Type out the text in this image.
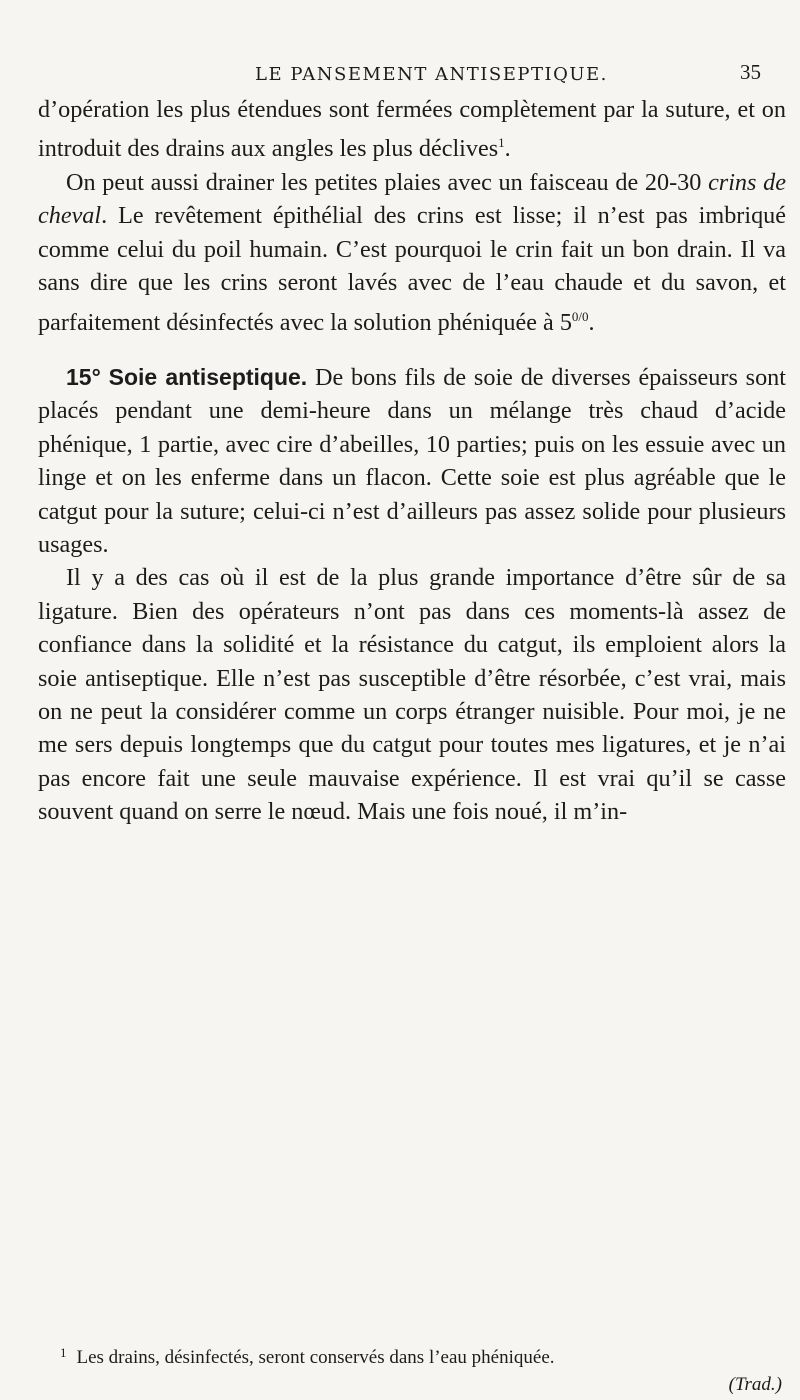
LE PANSEMENT ANTISEPTIQUE.	35

d’opération les plus étendues sont fermées complètement par la suture, et on introduit des drains aux angles les plus déclives$^1$.

On peut aussi drainer les petites plaies avec un faisceau de 20-30 crins de cheval. Le revêtement épithélial des crins est lisse; il n’est pas imbriqué comme celui du poil humain. C’est pourquoi le crin fait un bon drain. Il va sans dire que les crins seront lavés avec de l’eau chaude et du savon, et parfaitement désinfectés avec la solution phéniquée à $5^{0/0}$.

15° Soie antiseptique. De bons fils de soie de diverses épaisseurs sont placés pendant une demi-heure dans un mélange très chaud d’acide phénique, 1 partie, avec cire d’abeilles, 10 parties; puis on les essuie avec un linge et on les enferme dans un flacon. Cette soie est plus agréable que le catgut pour la suture; celui-ci n’est d’ailleurs pas assez solide pour plusieurs usages.

Il y a des cas où il est de la plus grande importance d’être sûr de sa ligature. Bien des opérateurs n’ont pas dans ces moments-là assez de confiance dans la solidité et la résistance du catgut, ils emploient alors la soie antiseptique. Elle n’est pas susceptible d’être résorbée, c’est vrai, mais on ne peut la considérer comme un corps étranger nuisible. Pour moi, je ne me sers depuis longtemps que du catgut pour toutes mes ligatures, et je n’ai pas encore fait une seule mauvaise expérience. Il est vrai qu’il se casse souvent quand on serre le nœud. Mais une fois noué, il m’in-

$^1$ Les drains, désinfectés, seront conservés dans l’eau phéniquée.

(Trad.)
